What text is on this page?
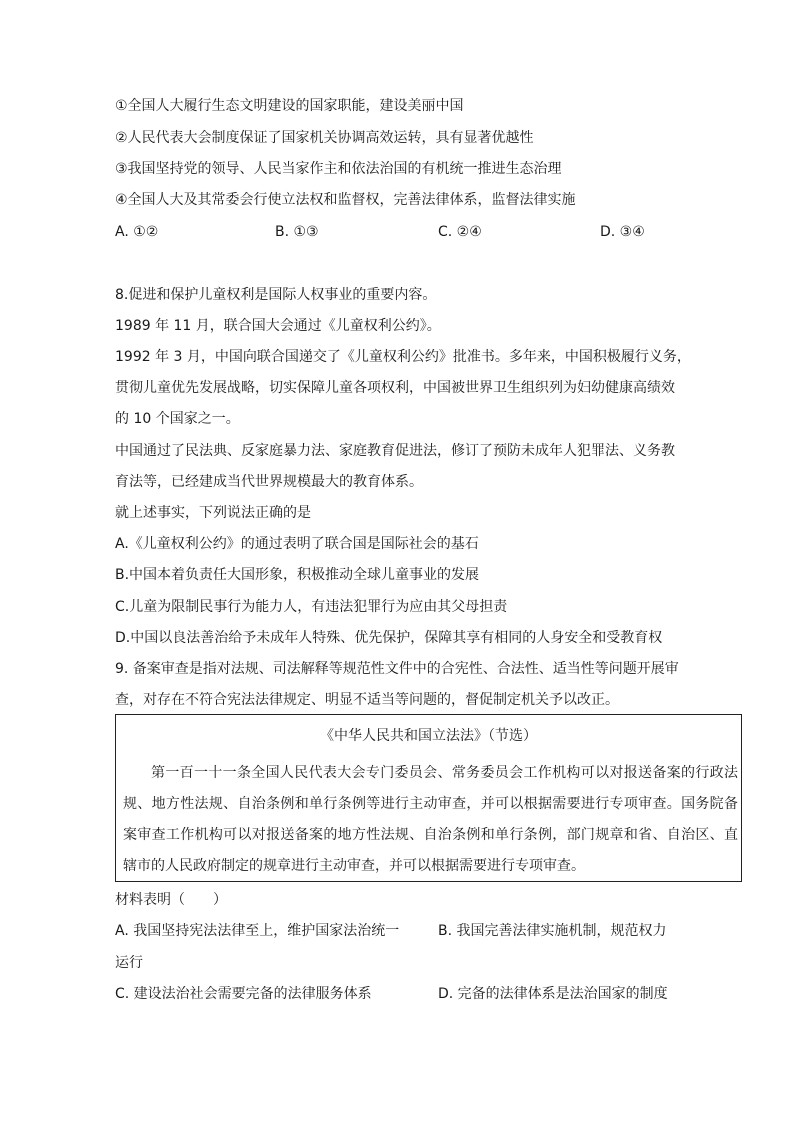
①全国人大履行生态文明建设的国家职能，建设美丽中国
②人民代表大会制度保证了国家机关协调高效运转，具有显著优越性
③我国坚持党的领导、人民当家作主和依法治国的有机统一推进生态治理
④全国人大及其常委会行使立法权和监督权，完善法律体系，监督法律实施
A. ①②	B. ①③	C. ②④	D. ③④
8.促进和保护儿童权利是国际人权事业的重要内容。
1989 年 11 月，联合国大会通过《儿童权利公约》。
1992 年 3 月，中国向联合国递交了《儿童权利公约》批准书。多年来，中国积极履行义务，
贯彻儿童优先发展战略，切实保障儿童各项权利，中国被世界卫生组织列为妇幼健康高绩效
的 10 个国家之一。
中国通过了民法典、反家庭暴力法、家庭教育促进法，修订了预防未成年人犯罪法、义务教
育法等，已经建成当代世界规模最大的教育体系。
就上述事实，下列说法正确的是
A.《儿童权利公约》的通过表明了联合国是国际社会的基石
B.中国本着负责任大国形象，积极推动全球儿童事业的发展
C.儿童为限制民事行为能力人，有违法犯罪行为应由其父母担责
D.中国以良法善治给予未成年人特殊、优先保护，保障其享有相同的人身安全和受教育权
9. 备案审查是指对法规、司法解释等规范性文件中的合宪性、合法性、适当性等问题开展审
查，对存在不符合宪法法律规定、明显不适当等问题的，督促制定机关予以改正。
《中华人民共和国立法法》（节选）
第一百一十一条全国人民代表大会专门委员会、常务委员会工作机构可以对报送备案的行政法规、地方性法规、自治条例和单行条例等进行主动审查，并可以根据需要进行专项审查。国务院备案审查工作机构可以对报送备案的地方性法规、自治条例和单行条例，部门规章和省、自治区、直辖市的人民政府制定的规章进行主动审查，并可以根据需要进行专项审查。
材料表明（　　）
A. 我国坚持宪法法律至上，维护国家法治统一	B. 我国完善法律实施机制，规范权力
运行
C. 建设法治社会需要完备的法律服务体系	D. 完备的法律体系是法治国家的制度
